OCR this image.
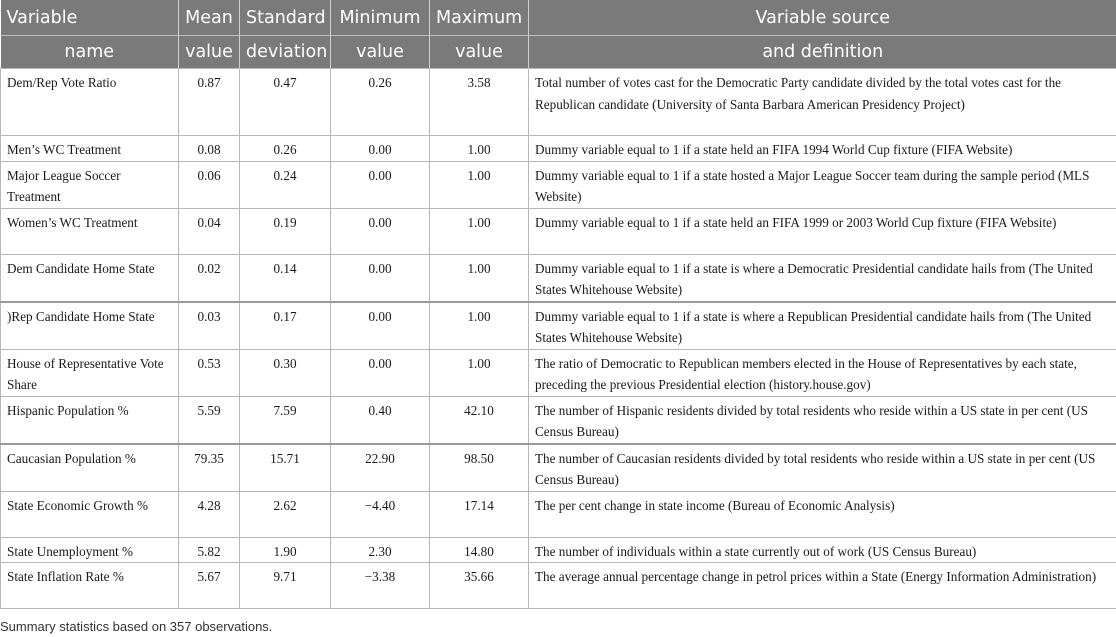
Variable	Mean	Standard	Minimum	Maximum	Variable source
name	value	deviation	value	value	and definition
Dem/Rep Vote Ratio	0.87	0.47	0.26	3.58	Total number of votes cast for the Democratic Party candidate divided by the total votes cast for the Republican candidate (University of Santa Barbara American Presidency Project)
Men’s WC Treatment	0.08	0.26	0.00	1.00	Dummy variable equal to 1 if a state held an FIFA 1994 World Cup fixture (FIFA Website)
Major League Soccer Treatment	0.06	0.24	0.00	1.00	Dummy variable equal to 1 if a state hosted a Major League Soccer team during the sample period (MLS Website)
Women’s WC Treatment	0.04	0.19	0.00	1.00	Dummy variable equal to 1 if a state held an FIFA 1999 or 2003 World Cup fixture (FIFA Website)
Dem Candidate Home State	0.02	0.14	0.00	1.00	Dummy variable equal to 1 if a state is where a Democratic Presidential candidate hails from (The United States Whitehouse Website)
)Rep Candidate Home State	0.03	0.17	0.00	1.00	Dummy variable equal to 1 if a state is where a Republican Presidential candidate hails from (The United States Whitehouse Website)
House of Representative Vote Share	0.53	0.30	0.00	1.00	The ratio of Democratic to Republican members elected in the House of Representatives by each state, preceding the previous Presidential election (history.house.gov)
Hispanic Population %	5.59	7.59	0.40	42.10	The number of Hispanic residents divided by total residents who reside within a US state in per cent (US Census Bureau)
Caucasian Population %	79.35	15.71	22.90	98.50	The number of Caucasian residents divided by total residents who reside within a US state in per cent (US Census Bureau)
State Economic Growth %	4.28	2.62	−4.40	17.14	The per cent change in state income (Bureau of Economic Analysis)
State Unemployment %	5.82	1.90	2.30	14.80	The number of individuals within a state currently out of work (US Census Bureau)
State Inflation Rate %	5.67	9.71	−3.38	35.66	The average annual percentage change in petrol prices within a State (Energy Information Administration)
Summary statistics based on 357 observations.
